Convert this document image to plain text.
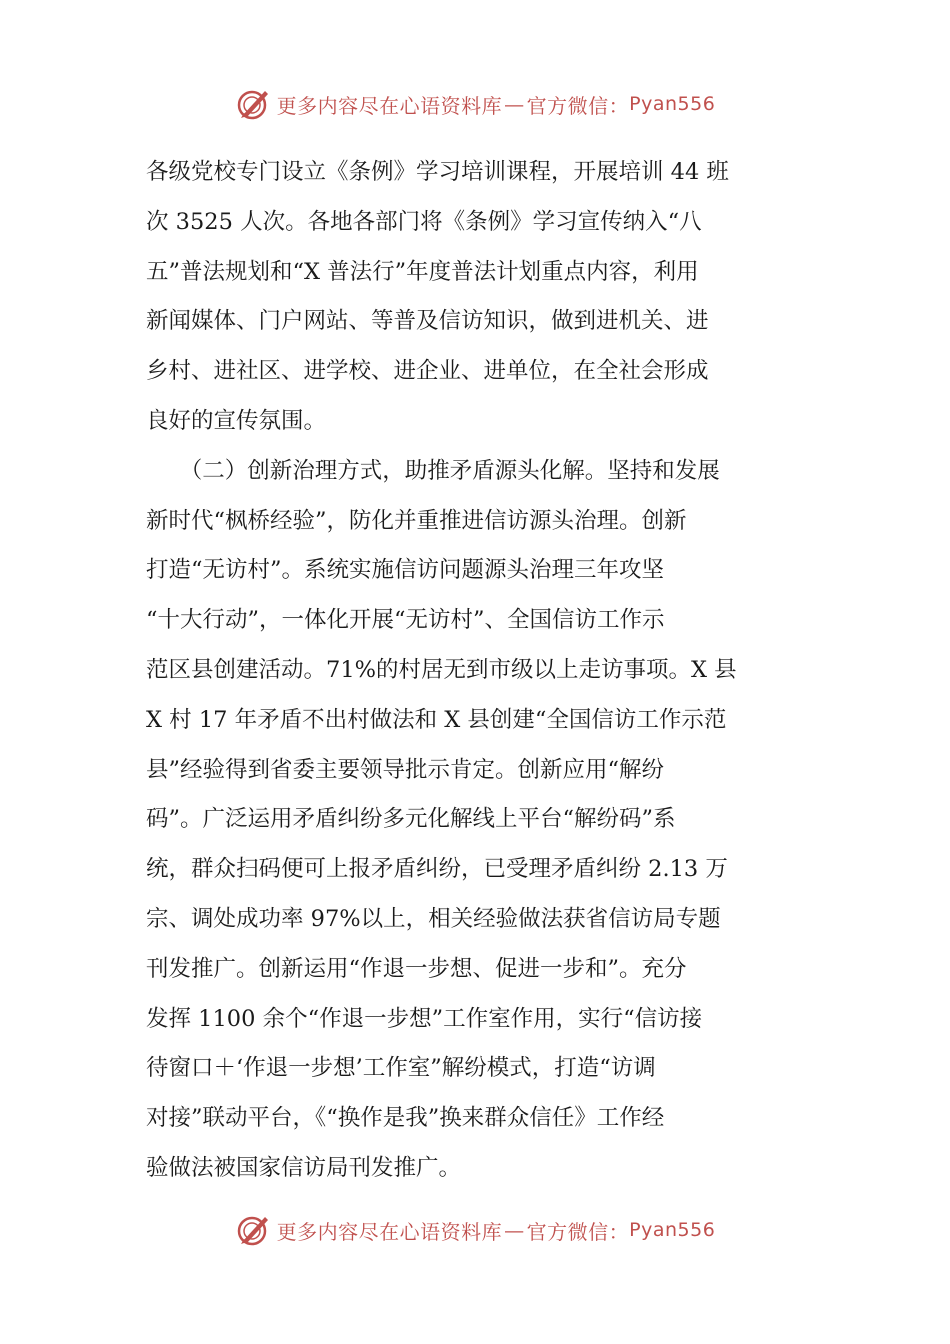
更多内容尽在心语资料库 — 官方微信： Pyan556
各级党校专门设立《条例》学习培训课程，开展培训 44 班
次 3525 人次。各地各部门将《条例》学习宣传纳入“八
五”普法规划和“X 普法行”年度普法计划重点内容，利用
新闻媒体、门户网站、等普及信访知识，做到进机关、进
乡村、进社区、进学校、进企业、进单位，在全社会形成
良好的宣传氛围。
　　（二）创新治理方式，助推矛盾源头化解。坚持和发展
新时代“枫桥经验”，防化并重推进信访源头治理。创新
打造“无访村”。系统实施信访问题源头治理三年攻坚
“十大行动”，一体化开展“无访村”、全国信访工作示
范区县创建活动。71%的村居无到市级以上走访事项。X 县
X 村 17 年矛盾不出村做法和 X 县创建“全国信访工作示范
县”经验得到省委主要领导批示肯定。创新应用“解纷
码”。广泛运用矛盾纠纷多元化解线上平台“解纷码”系
统，群众扫码便可上报矛盾纠纷，已受理矛盾纠纷 2.13 万
宗、调处成功率 97%以上，相关经验做法获省信访局专题
刊发推广。创新运用“作退一步想、促进一步和”。充分
发挥 1100 余个“作退一步想”工作室作用，实行“信访接
待窗口＋‘作退一步想’工作室”解纷模式，打造“访调
对接”联动平台，《“换作是我”换来群众信任》工作经
验做法被国家信访局刊发推广。
更多内容尽在心语资料库 — 官方微信： Pyan556
